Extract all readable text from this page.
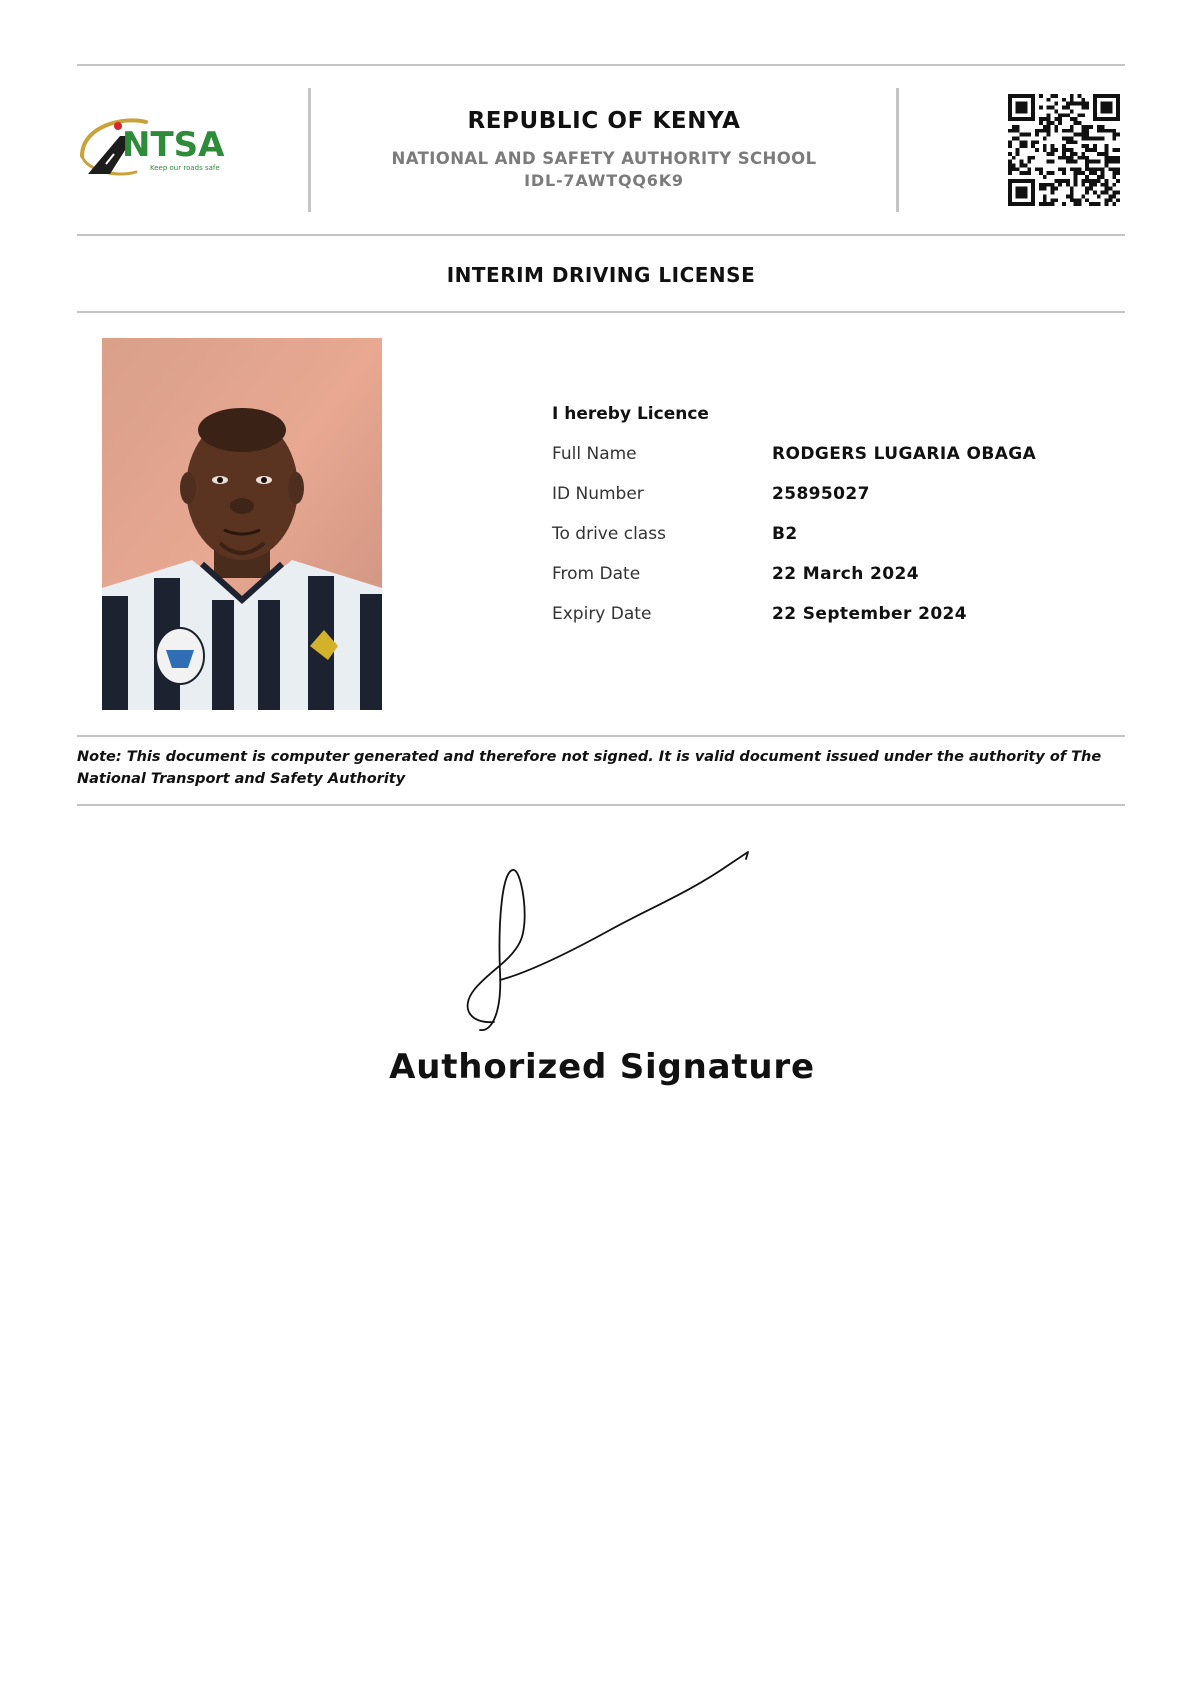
NTSA
Keep our roads safe
REPUBLIC OF KENYA
NATIONAL AND SAFETY AUTHORITY SCHOOL
IDL-7AWTQQ6K9
INTERIM DRIVING LICENSE
I hereby Licence
Full Name	RODGERS LUGARIA OBAGA
ID Number	25895027
To drive class	B2
From Date	22 March 2024
Expiry Date	22 September 2024
Note: This document is computer generated and therefore not signed. It is valid document issued under the authority of The National Transport and Safety Authority
Authorized Signature
